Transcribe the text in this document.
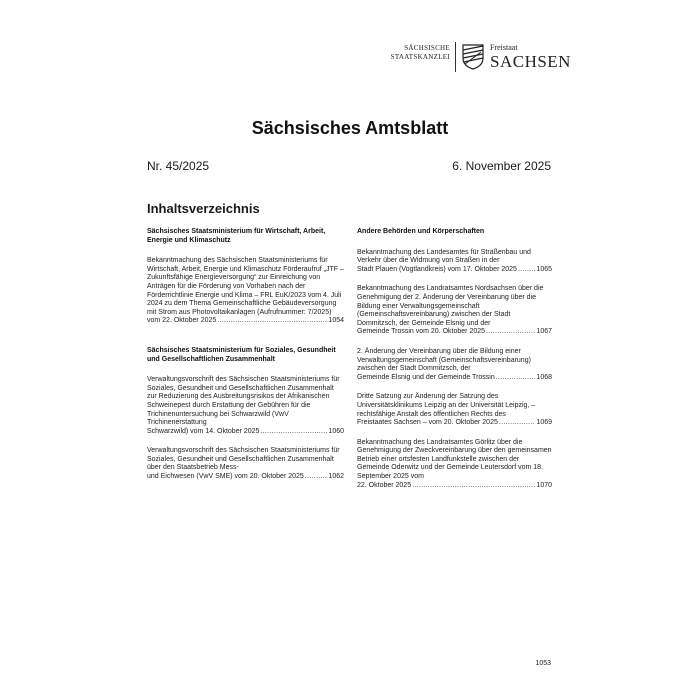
SÄCHSISCHE
STAATSKANZLEI
Freistaat
SACHSEN
Sächsisches Amtsblatt
Nr. 45/2025	6. November 2025
Inhaltsverzeichnis
Sächsisches Staatsministerium für Wirtschaft, Arbeit, Energie und Klimaschutz
Bekanntmachung des Sächsischen Staatsministeriums für Wirtschaft, Arbeit, Energie und Klimaschutz Förderaufruf „JTF – Zukunftsfähige Energieversorgung“ zur Einreichung von Anträgen für die Förderung von Vorhaben nach der Förderrichtlinie Energie und Klima – FRL EuK/2023 vom 4. Juli 2024 zu dem Thema Gemeinschaftliche Gebäudeversorgung mit Strom aus Photovoltaikanlagen (Aufrufnummer: 7/2025)
vom 22. Oktober 2025 .....	1054
Sächsisches Staatsministerium für Soziales, Gesundheit und Gesellschaftlichen Zusammenhalt
Verwaltungsvorschrift des Sächsischen Staatsministeriums für Soziales, Gesundheit und Gesellschaftlichen Zusammenhalt zur Reduzierung des Ausbreitungsrisikos der Afrikanischen Schweinepest durch Erstattung der Gebühren für die Trichinenuntersuchung bei Schwarzwild (VwV Trichinenerstattung
Schwarzwild) vom 14. Oktober 2025 .....	1060
Verwaltungsvorschrift des Sächsischen Staatsministeriums für Soziales, Gesundheit und Gesellschaftlichen Zusammenhalt über den Staatsbetrieb Mess-
und Eichwesen (VwV SME) vom 20. Oktober 2025 .....	1062
Andere Behörden und Körperschaften
Bekanntmachung des Landesamtes für Straßenbau und Verkehr über die Widmung von Straßen in der
Stadt Plauen (Vogtlandkreis) vom 17. Oktober 2025 .....	1065
Bekanntmachung des Landratsamtes Nordsachsen über die Genehmigung der 2. Änderung der Vereinbarung über die Bildung einer Verwaltungsgemeinschaft (Gemeinschaftsvereinbarung) zwischen der Stadt Dommitzsch, der Gemeinde Elsnig und der
Gemeinde Trossin vom 20. Oktober 2025 .....	1067
2. Änderung der Vereinbarung über die Bildung einer Verwaltungsgemeinschaft (Gemeinschaftsvereinbarung) zwischen der Stadt Dommitzsch, der
Gemeinde Elsnig und der Gemeinde Trossin .....	1068
Dritte Satzung zur Änderung der Satzung des Universitätsklinikums Leipzig an der Universität Leipzig, – rechtsfähige Anstalt des öffentlichen Rechts des
Freistaates Sachsen – vom 20. Oktober 2025 .....	1069
Bekanntmachung des Landratsamtes Görlitz über die Genehmigung der Zweckvereinbarung über den gemeinsamen Betrieb einer ortsfesten Landfunkstelle zwischen der Gemeinde Oderwitz und der Gemeinde Leutersdorf vom 18. September 2025 vom
22. Oktober 2025 .....	1070
1053
